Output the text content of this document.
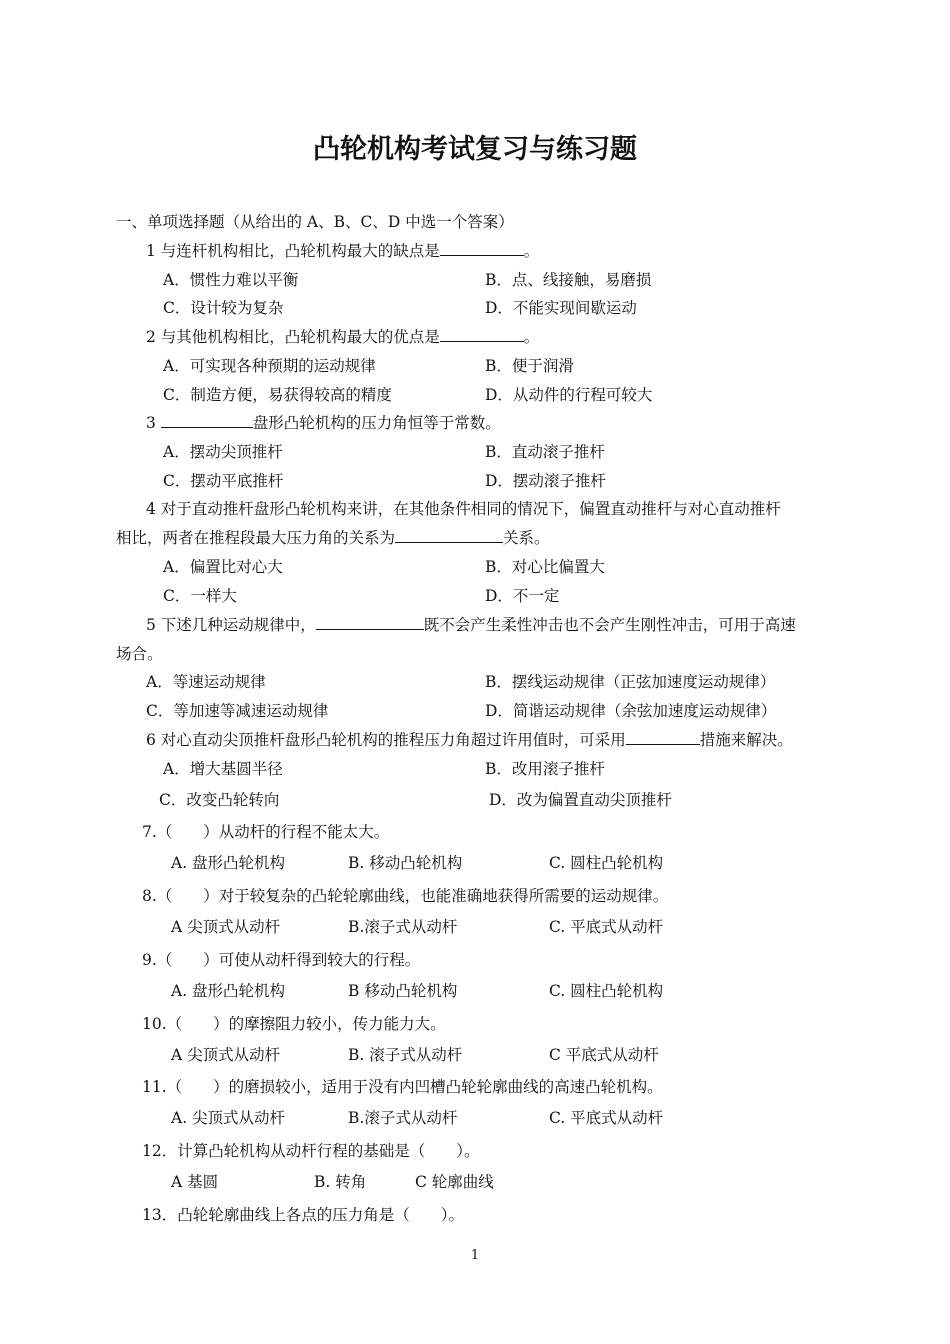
凸轮机构考试复习与练习题
一、单项选择题（从给出的 A、B、C、D 中选一个答案）
1 与连杆机构相比，凸轮机构最大的缺点是	。
A．惯性力难以平衡	B．点、线接触，易磨损
C．设计较为复杂	D．不能实现间歇运动
2 与其他机构相比，凸轮机构最大的优点是	。
A．可实现各种预期的运动规律	B．便于润滑
C．制造方便，易获得较高的精度	D．从动件的行程可较大
3	盘形凸轮机构的压力角恒等于常数。
A．摆动尖顶推杆	B．直动滚子推杆
C．摆动平底推杆	D．摆动滚子推杆
4 对于直动推杆盘形凸轮机构来讲，在其他条件相同的情况下，偏置直动推杆与对心直动推杆
相比，两者在推程段最大压力角的关系为	关系。
A．偏置比对心大	B．对心比偏置大
C．一样大	D．不一定
5 下述几种运动规律中，	既不会产生柔性冲击也不会产生刚性冲击，可用于高速
场合。
A．等速运动规律	B．摆线运动规律（正弦加速度运动规律）
C．等加速等减速运动规律	D．简谐运动规律（余弦加速度运动规律）
6 对心直动尖顶推杆盘形凸轮机构的推程压力角超过许用值时，可采用	措施来解决。
A．增大基圆半径	B．改用滚子推杆
C．改变凸轮转向	D．改为偏置直动尖顶推杆
7.（　　）从动杆的行程不能太大。
A. 盘形凸轮机构	B. 移动凸轮机构	C. 圆柱凸轮机构
8.（　　）对于较复杂的凸轮轮廓曲线，也能准确地获得所需要的运动规律。
A 尖顶式从动杆	B.滚子式从动杆	C. 平底式从动杆
9.（　　）可使从动杆得到较大的行程。
A. 盘形凸轮机构	B 移动凸轮机构	C. 圆柱凸轮机构
10.（　　）的摩擦阻力较小，传力能力大。
A 尖顶式从动杆	B. 滚子式从动杆	C 平底式从动杆
11.（　　）的磨损较小，适用于没有内凹槽凸轮轮廓曲线的高速凸轮机构。
A. 尖顶式从动杆	B.滚子式从动杆	C. 平底式从动杆
12．计算凸轮机构从动杆行程的基础是（　　）。
A 基圆	B. 转角	C 轮廓曲线
13．凸轮轮廓曲线上各点的压力角是（　　）。
1
